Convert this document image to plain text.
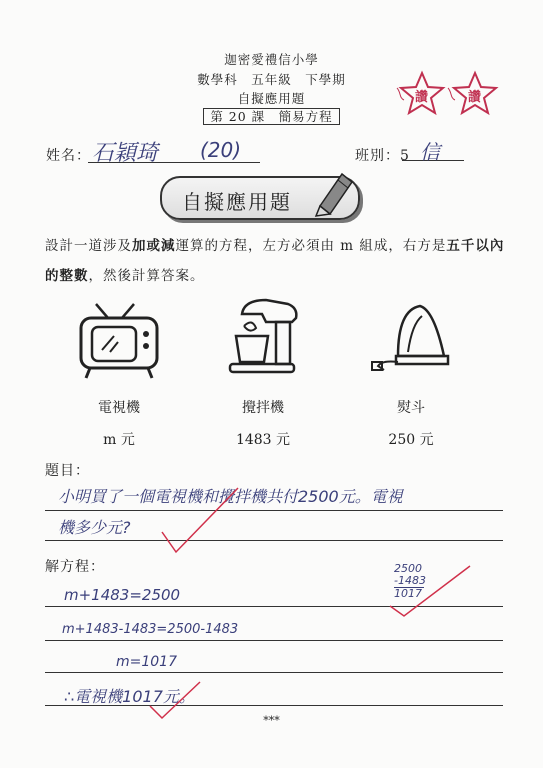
迦密愛禮信小學
數學科　五年級　下學期
自擬應用題
第 20 課　簡易方程
讚	讚
姓名： 石穎琦 (20)	班別：5 信
自擬應用題
設計一道涉及加或減運算的方程，左方必須由 m 組成，右方是五千以內
的整數，然後計算答案。
電視機	攪拌機	熨斗
m 元	1483 元	250 元
題目：
小明買了一個電視機和攪拌機共付2500元。電視
機多少元?
解方程：
m+1483=2500
m+1483-1483=2500-1483
m=1017
∴電視機1017元。
2500
-1483
1017
***
